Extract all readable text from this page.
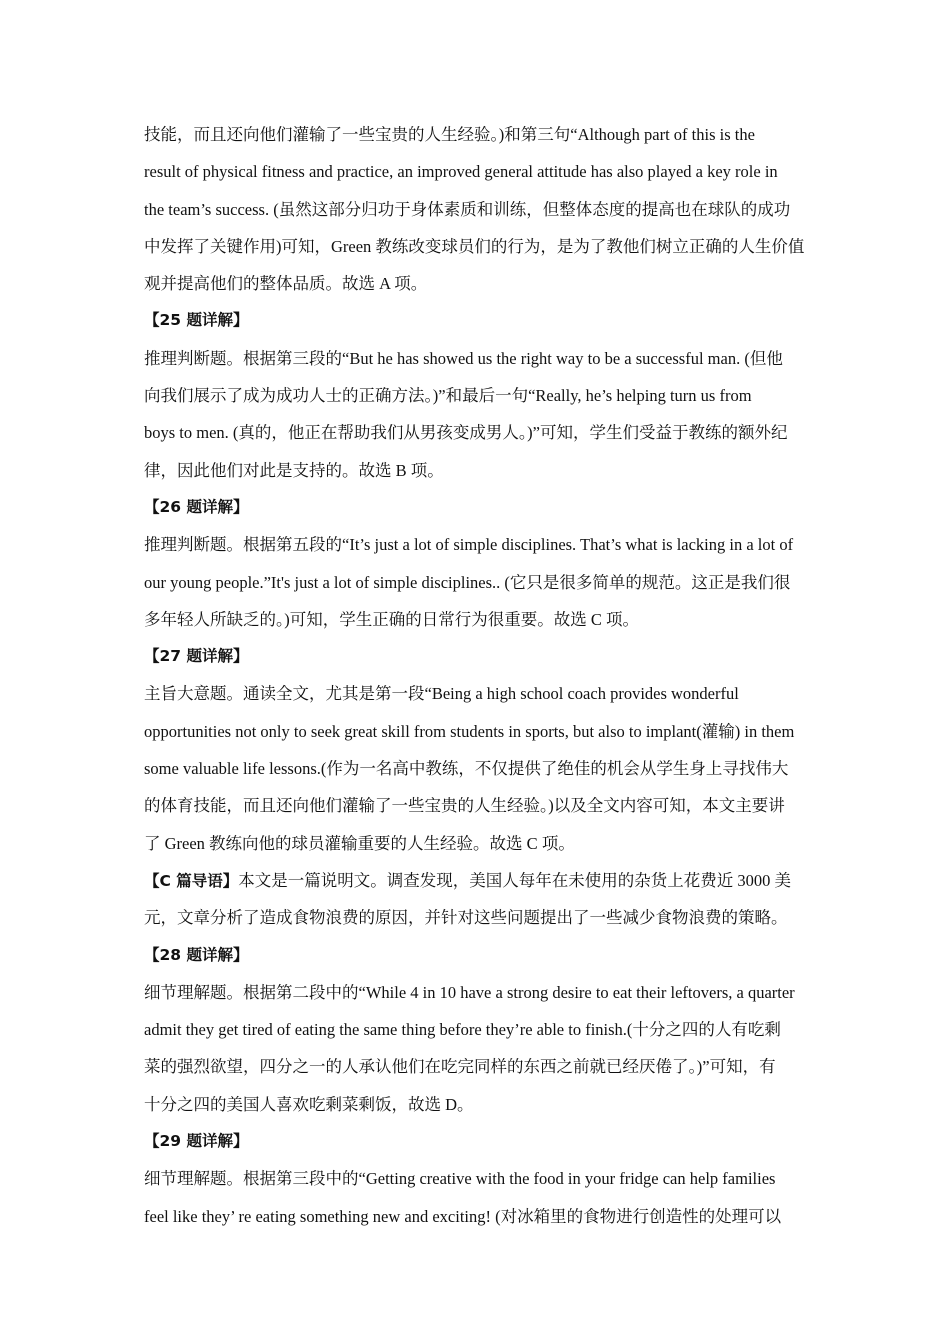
技能，而且还向他们灌输了一些宝贵的人生经验。)和第三句“Although part of this is the
result of physical fitness and practice, an improved general attitude has also played a key role in
the team’s success. (虽然这部分归功于身体素质和训练，但整体态度的提高也在球队的成功
中发挥了关键作用)可知，Green 教练改变球员们的行为，是为了教他们树立正确的人生价值
观并提高他们的整体品质。故选 A 项。
【25 题详解】
推理判断题。根据第三段的“But he has showed us the right way to be a successful man. (但他
向我们展示了成为成功人士的正确方法。)”和最后一句“Really, he’s helping turn us from
boys to men. (真的，他正在帮助我们从男孩变成男人。)”可知，学生们受益于教练的额外纪
律，因此他们对此是支持的。故选 B 项。
【26 题详解】
推理判断题。根据第五段的“It’s just a lot of simple disciplines. That’s what is lacking in a lot of
our young people.”It's just a lot of simple disciplines.. (它只是很多简单的规范。这正是我们很
多年轻人所缺乏的。)可知，学生正确的日常行为很重要。故选 C 项。
【27 题详解】
主旨大意题。通读全文，尤其是第一段“Being a high school coach provides wonderful
opportunities not only to seek great skill from students in sports, but also to implant(灌输) in them
some valuable life lessons.(作为一名高中教练，不仅提供了绝佳的机会从学生身上寻找伟大
的体育技能，而且还向他们灌输了一些宝贵的人生经验。)以及全文内容可知，本文主要讲
了 Green 教练向他的球员灌输重要的人生经验。故选 C 项。
【C 篇导语】本文是一篇说明文。调查发现，美国人每年在未使用的杂货上花费近 3000 美
元，文章分析了造成食物浪费的原因，并针对这些问题提出了一些减少食物浪费的策略。
【28 题详解】
细节理解题。根据第二段中的“While 4 in 10 have a strong desire to eat their leftovers, a quarter
admit they get tired of eating the same thing before they’re able to finish.(十分之四的人有吃剩
菜的强烈欲望，四分之一的人承认他们在吃完同样的东西之前就已经厌倦了。)”可知，有
十分之四的美国人喜欢吃剩菜剩饭，故选 D。
【29 题详解】
细节理解题。根据第三段中的“Getting creative with the food in your fridge can help families
feel like they’ re eating something new and exciting! (对冰箱里的食物进行创造性的处理可以
